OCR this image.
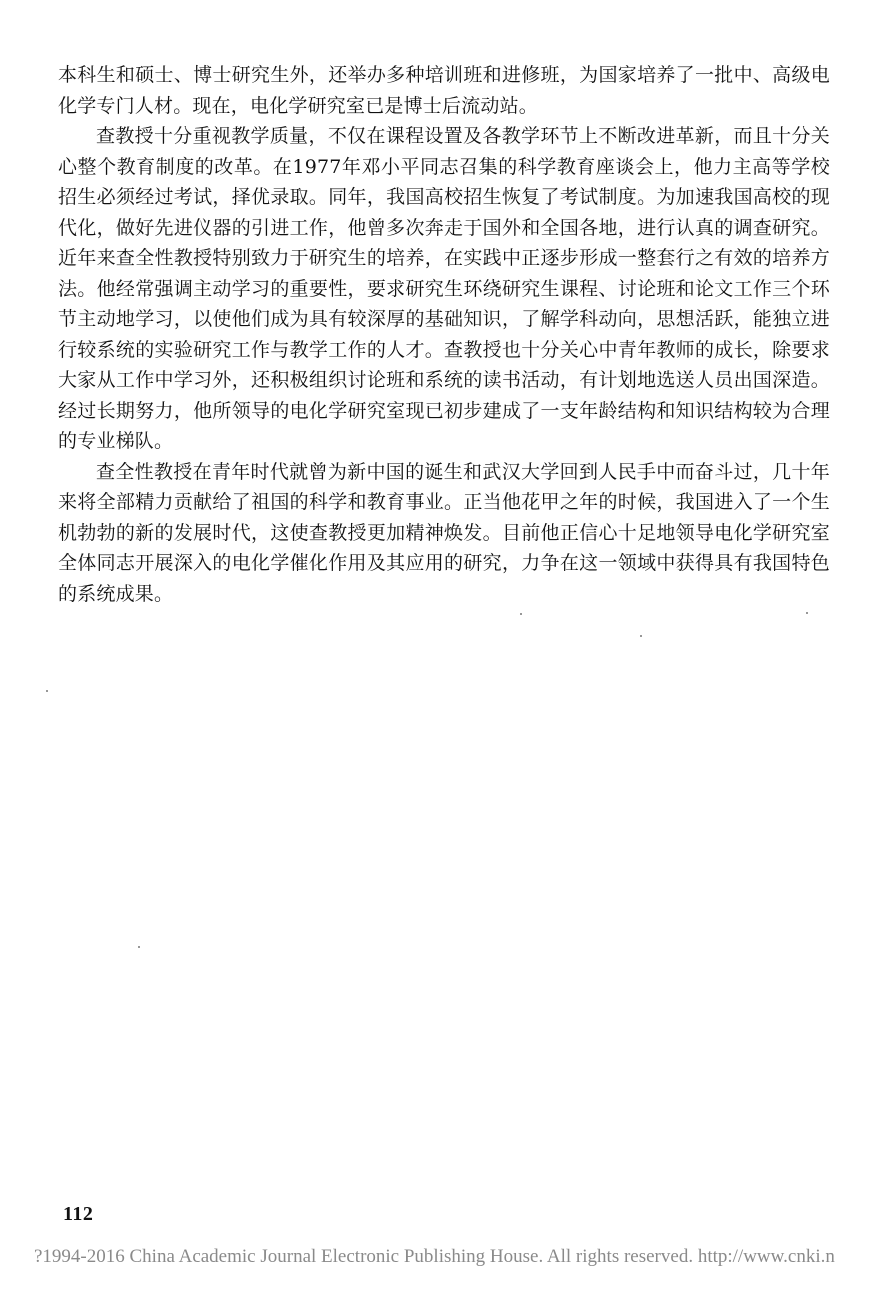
本科生和硕士、博士研究生外，还举办多种培训班和进修班，为国家培养了一批中、高级电化学专门人材。现在，电化学研究室已是博士后流动站。

查教授十分重视教学质量，不仅在课程设置及各教学环节上不断改进革新，而且十分关心整个教育制度的改革。在1977年邓小平同志召集的科学教育座谈会上，他力主高等学校招生必须经过考试，择优录取。同年，我国高校招生恢复了考试制度。为加速我国高校的现代化，做好先进仪器的引进工作，他曾多次奔走于国外和全国各地，进行认真的调查研究。近年来查全性教授特别致力于研究生的培养，在实践中正逐步形成一整套行之有效的培养方法。他经常强调主动学习的重要性，要求研究生环绕研究生课程、讨论班和论文工作三个环节主动地学习，以使他们成为具有较深厚的基础知识，了解学科动向，思想活跃，能独立进行较系统的实验研究工作与教学工作的人才。查教授也十分关心中青年教师的成长，除要求大家从工作中学习外，还积极组织讨论班和系统的读书活动，有计划地选送人员出国深造。经过长期努力，他所领导的电化学研究室现已初步建成了一支年龄结构和知识结构较为合理的专业梯队。

查全性教授在青年时代就曾为新中国的诞生和武汉大学回到人民手中而奋斗过，几十年来将全部精力贡献给了祖国的科学和教育事业。正当他花甲之年的时候，我国进入了一个生机勃勃的新的发展时代，这使查教授更加精神焕发。目前他正信心十足地领导电化学研究室全体同志开展深入的电化学催化作用及其应用的研究，力争在这一领域中获得具有我国特色的系统成果。

112
?1994-2016 China Academic Journal Electronic Publishing House. All rights reserved. http://www.cnki.n
